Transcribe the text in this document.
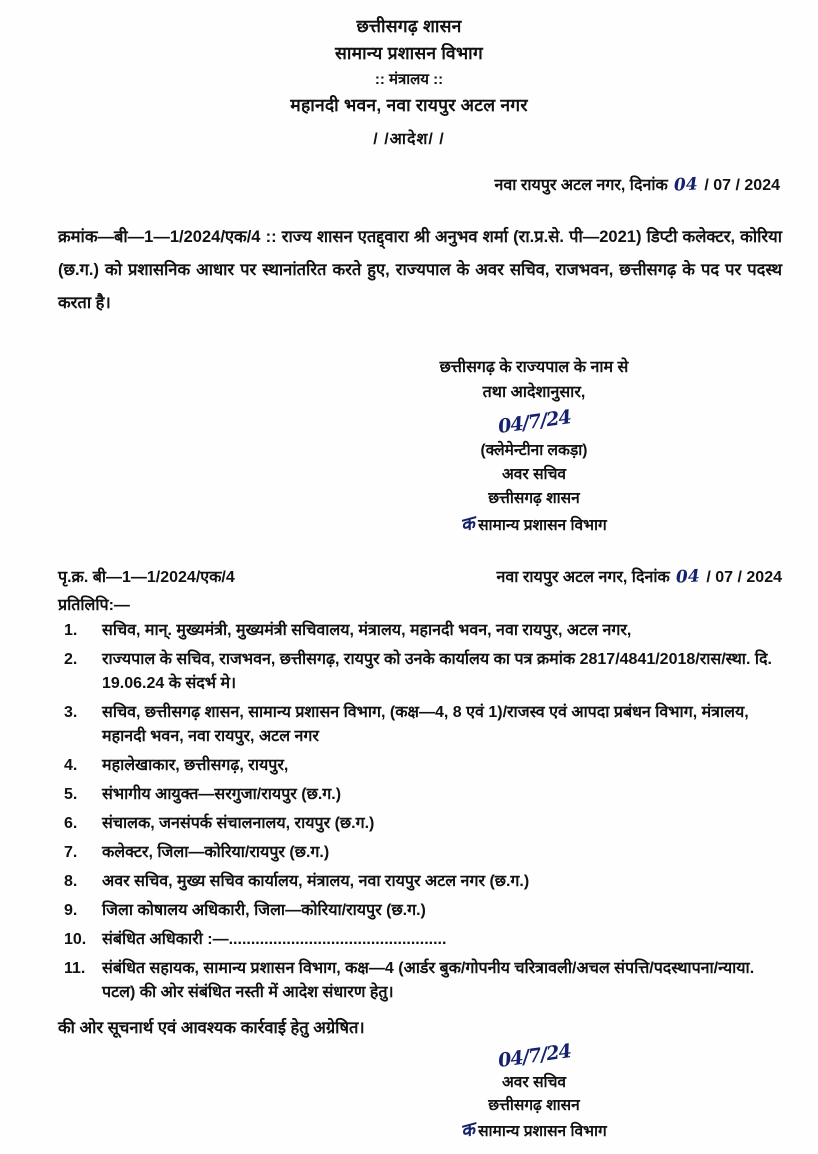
छत्तीसगढ़ शासन
सामान्य प्रशासन विभाग
:: मंत्रालय ::
महानदी भवन, नवा रायपुर अटल नगर
/ /आदेश/ /
नवा रायपुर अटल नगर, दिनांक 04 / 07 / 2024

क्रमांक—बी—1—1/2024/एक/4 :: राज्य शासन एतद्द्वारा श्री अनुभव शर्मा (रा.प्र.से. पी—2021) डिप्टी कलेक्टर, कोरिया (छ.ग.) को प्रशासनिक आधार पर स्थानांतरित करते हुए, राज्यपाल के अवर सचिव, राजभवन, छत्तीसगढ़ के पद पर पदस्थ करता है।

छत्तीसगढ़ के राज्यपाल के नाम से
तथा आदेशानुसार,
04/7/24
(क्लेमेन्टीना लकड़ा)
अवर सचिव
छत्तीसगढ़ शासन
कसामान्य प्रशासन विभाग
पृ.क्र. बी—1—1/2024/एक/4	नवा रायपुर अटल नगर, दिनांक 04 / 07 / 2024
प्रतिलिपि:—
1.	सचिव, मान्. मुख्यमंत्री, मुख्यमंत्री सचिवालय, मंत्रालय, महानदी भवन, नवा रायपुर, अटल नगर,
2.	राज्यपाल के सचिव, राजभवन, छत्तीसगढ़, रायपुर को उनके कार्यालय का पत्र क्रमांक 2817/4841/2018/रास/स्था. दि. 19.06.24 के संदर्भ मे।
3.	सचिव, छत्तीसगढ़ शासन, सामान्य प्रशासन विभाग, (कक्ष—4, 8 एवं 1)/राजस्व एवं आपदा प्रबंधन विभाग, मंत्रालय, महानदी भवन, नवा रायपुर, अटल नगर
4.	महालेखाकार, छत्तीसगढ़, रायपुर,
5.	संभागीय आयुक्त—सरगुजा/रायपुर (छ.ग.)
6.	संचालक, जनसंपर्क संचालनालय, रायपुर (छ.ग.)
7.	कलेक्टर, जिला—कोरिया/रायपुर (छ.ग.)
8.	अवर सचिव, मुख्य सचिव कार्यालय, मंत्रालय, नवा रायपुर अटल नगर (छ.ग.)
9.	जिला कोषालय अधिकारी, जिला—कोरिया/रायपुर (छ.ग.)
10. संबंधित अधिकारी :—.................................................
11.	संबंधित सहायक, सामान्य प्रशासन विभाग, कक्ष—4 (आर्डर बुक/गोपनीय चरित्रावली/अचल संपत्ति/पदस्थापना/न्याया. पटल) की ओर संबंधित नस्ती में आदेश संधारण हेतु।
की ओर सूचनार्थ एवं आवश्यक कार्रवाई हेतु अग्रेषित।
04/7/24
अवर सचिव
छत्तीसगढ़ शासन
कसामान्य प्रशासन विभाग
